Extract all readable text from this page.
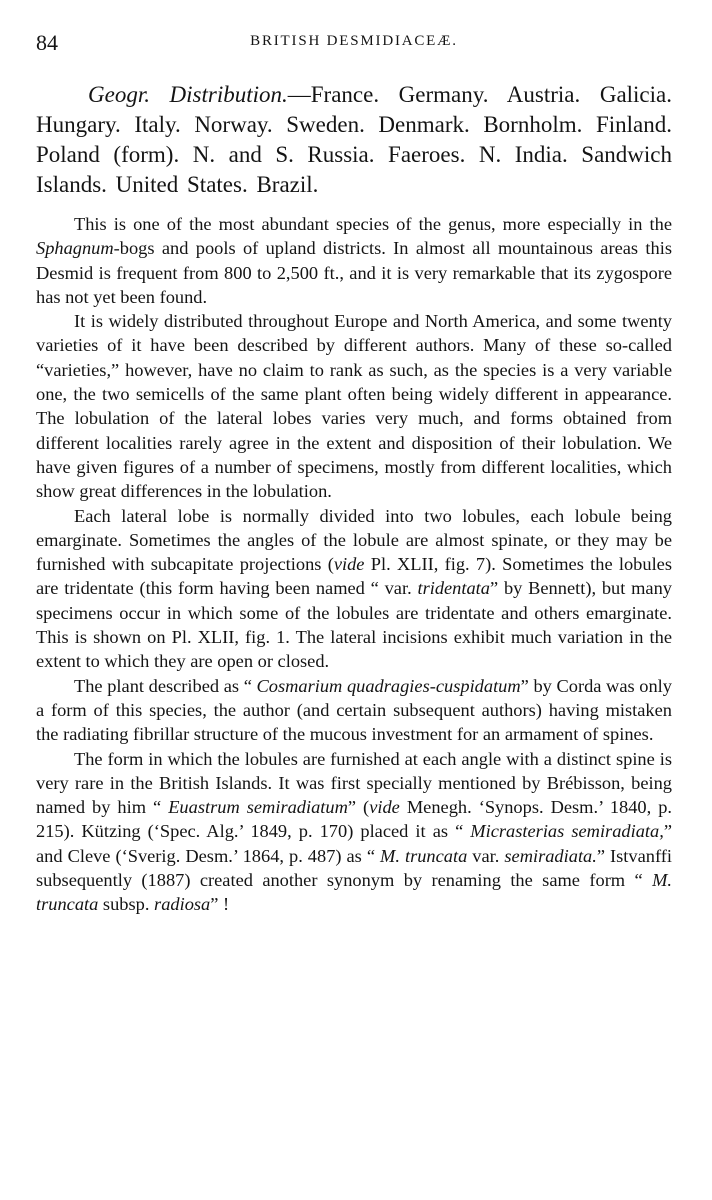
84	BRITISH DESMIDIACEÆ.
Geogr. Distribution.—France. Germany. Austria. Galicia. Hungary. Italy. Norway. Sweden. Denmark. Bornholm. Finland. Poland (form). N. and S. Russia. Faeroes. N. India. Sandwich Islands. United States. Brazil.

This is one of the most abundant species of the genus, more especially in the Sphagnum-bogs and pools of upland districts. In almost all mountainous areas this Desmid is frequent from 800 to 2,500 ft., and it is very remarkable that its zygospore has not yet been found.

It is widely distributed throughout Europe and North America, and some twenty varieties of it have been described by different authors. Many of these so-called “varieties,” however, have no claim to rank as such, as the species is a very variable one, the two semicells of the same plant often being widely different in appearance. The lobulation of the lateral lobes varies very much, and forms obtained from different localities rarely agree in the extent and disposition of their lobulation. We have given figures of a number of specimens, mostly from different localities, which show great differences in the lobulation.

Each lateral lobe is normally divided into two lobules, each lobule being emarginate. Sometimes the angles of the lobule are almost spinate, or they may be furnished with subcapitate projections (vide Pl. XLII, fig. 7). Sometimes the lobules are tridentate (this form having been named “ var. tridentata” by Bennett), but many specimens occur in which some of the lobules are tridentate and others emarginate. This is shown on Pl. XLII, fig. 1. The lateral incisions exhibit much variation in the extent to which they are open or closed.

The plant described as “ Cosmarium quadragies-cuspidatum” by Corda was only a form of this species, the author (and certain subsequent authors) having mistaken the radiating fibrillar structure of the mucous investment for an armament of spines.

The form in which the lobules are furnished at each angle with a distinct spine is very rare in the British Islands. It was first specially mentioned by Brébisson, being named by him “ Euastrum semiradiatum” (vide Menegh. ‘Synops. Desm.’ 1840, p. 215). Kützing (‘Spec. Alg.’ 1849, p. 170) placed it as “ Micrasterias semiradiata,” and Cleve (‘Sverig. Desm.’ 1864, p. 487) as “ M. truncata var. semiradiata.” Istvanffi subsequently (1887) created another synonym by renaming the same form “ M. truncata subsp. radiosa” !
